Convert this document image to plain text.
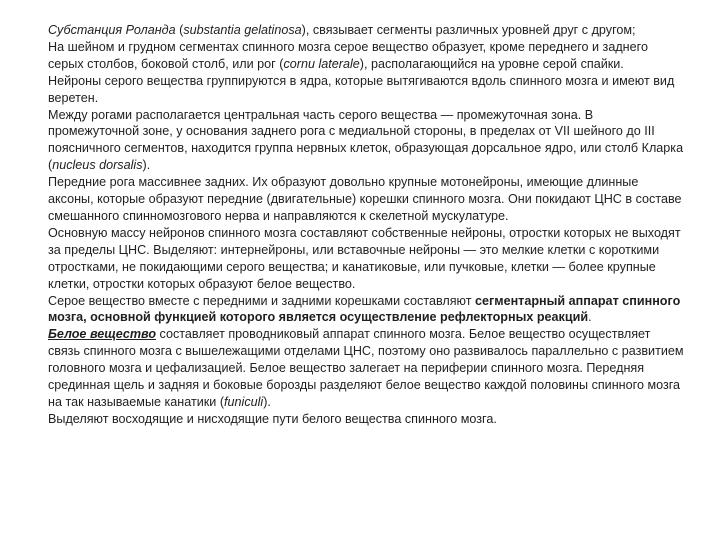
Субстанция Роланда (substantia gelatinosa), связывает сегменты различных уровней друг с другом;

На шейном и грудном сегментах спинного мозга серое вещество образует, кроме переднего и заднего серых столбов, боковой столб, или рог (cornu laterale), располагающийся на уровне серой спайки.

Нейроны серого вещества группируются в ядра, которые вытягиваются вдоль спинного мозга и имеют вид веретен.

Между рогами располагается центральная часть серого вещества — промежуточная зона. В промежуточной зоне, у основания заднего рога с медиальной стороны, в пределах от VII шейного до III поясничного сегментов, находится группа нервных клеток, образующая дорсальное ядро, или столб Кларка (nucleus dorsalis).

Передние рога массивнее задних. Их образуют довольно крупные мотонейроны, имеющие длинные аксоны, которые образуют передние (двигательные) корешки спинного мозга. Они покидают ЦНС в составе смешанного спинномозгового нерва и направляются к скелетной мускулатуре.

Основную массу нейронов спинного мозга составляют собственные нейроны, отростки которых не выходят за пределы ЦНС. Выделяют: интернейроны, или вставочные нейроны — это мелкие клетки с короткими отростками, не покидающими серого вещества; и канатиковые, или пучковые, клетки — более крупные клетки, отростки которых образуют белое вещество.

Серое вещество вместе с передними и задними корешками составляют сегментарный аппарат спинного мозга, основной функцией которого является осуществление рефлекторных реакций.

Белое вещество составляет проводниковый аппарат спинного мозга. Белое вещество осуществляет связь спинного мозга с вышележащими отделами ЦНС, поэтому оно развивалось параллельно с развитием головного мозга и цефализацией. Белое вещество залегает на периферии спинного мозга. Передняя срединная щель и задняя и боковые борозды разделяют белое вещество каждой половины спинного мозга на так называемые канатики (funiculi).

Выделяют восходящие и нисходящие пути белого вещества спинного мозга.
